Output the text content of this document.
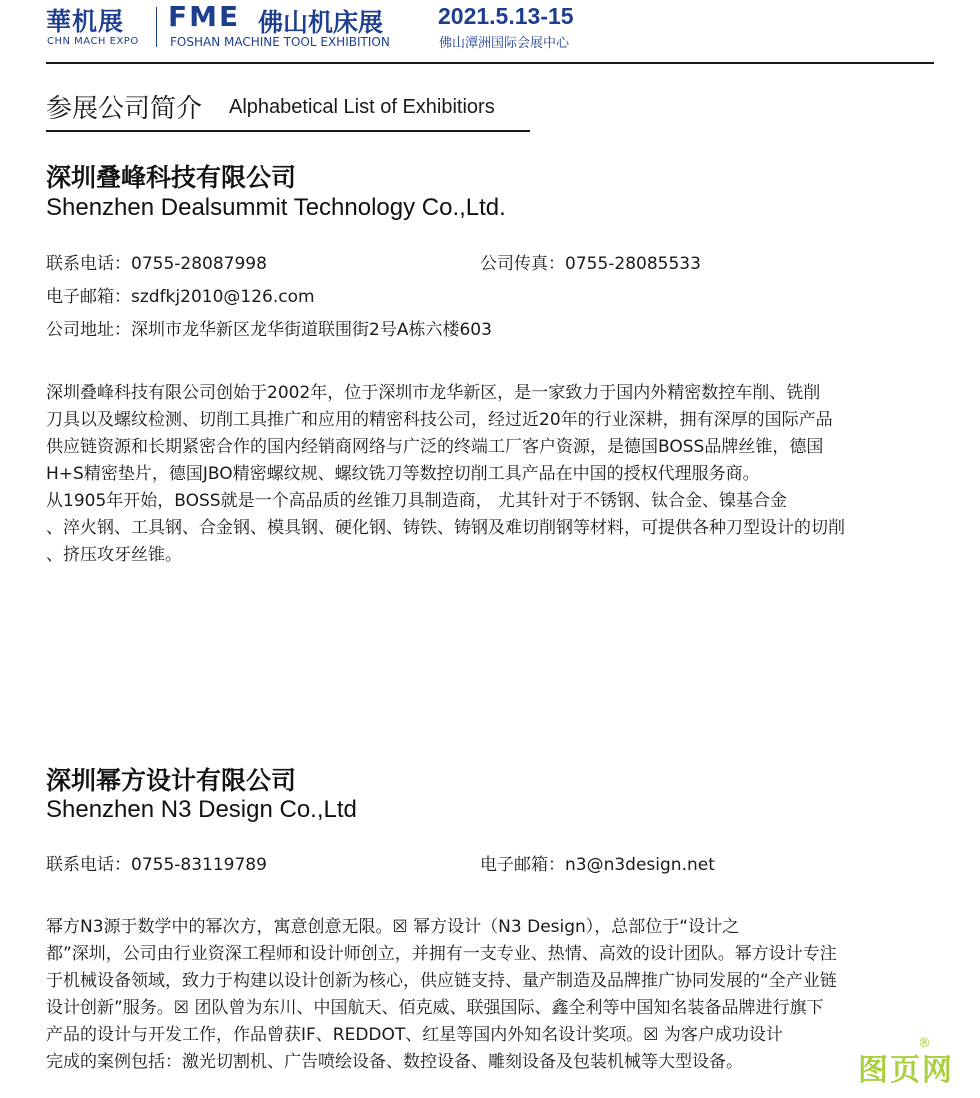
華机展
CHN MACH EXPO
FME 佛山机床展
FOSHAN MACHINE TOOL EXHIBITION
2021.5.13-15
佛山潭洲国际会展中心
参展公司简介 Alphabetical List of Exhibitiors
深圳叠峰科技有限公司
Shenzhen Dealsummit Technology Co.,Ltd.
联系电话：0755-28087998	公司传真：0755-28085533
电子邮箱：szdfkj2010@126.com
公司地址：深圳市龙华新区龙华街道联围街2号A栋六楼603

深圳叠峰科技有限公司创始于2002年，位于深圳市龙华新区，是一家致力于国内外精密数控车削、铣削

刀具以及螺纹检测、切削工具推广和应用的精密科技公司，经过近20年的行业深耕，拥有深厚的国际产品

供应链资源和长期紧密合作的国内经销商网络与广泛的终端工厂客户资源，是德国BOSS品牌丝锥，德国

H+S精密垫片，德国JBO精密螺纹规、螺纹铣刀等数控切削工具产品在中国的授权代理服务商。

从1905年开始，BOSS就是一个高品质的丝锥刀具制造商， 尤其针对于不锈钢、钛合金、镍基合金

、淬火钢、工具钢、合金钢、模具钢、硬化钢、铸铁、铸钢及难切削钢等材料，可提供各种刀型设计的切削

、挤压攻牙丝锥。

深圳幂方设计有限公司
Shenzhen N3 Design Co.,Ltd
联系电话：0755-83119789	电子邮箱：n3@n3design.net

幂方N3源于数学中的幂次方，寓意创意无限。☒ 幂方设计（N3 Design），总部位于“设计之

都”深圳，公司由行业资深工程师和设计师创立，并拥有一支专业、热情、高效的设计团队。幂方设计专注

于机械设备领域，致力于构建以设计创新为核心，供应链支持、量产制造及品牌推广协同发展的“全产业链

设计创新”服务。☒ 团队曾为东川、中国航天、佰克威、联强国际、鑫全利等中国知名装备品牌进行旗下

产品的设计与开发工作，作品曾获IF、REDDOT、红星等国内外知名设计奖项。☒ 为客户成功设计

完成的案例包括：激光切割机、广告喷绘设备、数控设备、雕刻设备及包装机械等大型设备。	图页网
®
